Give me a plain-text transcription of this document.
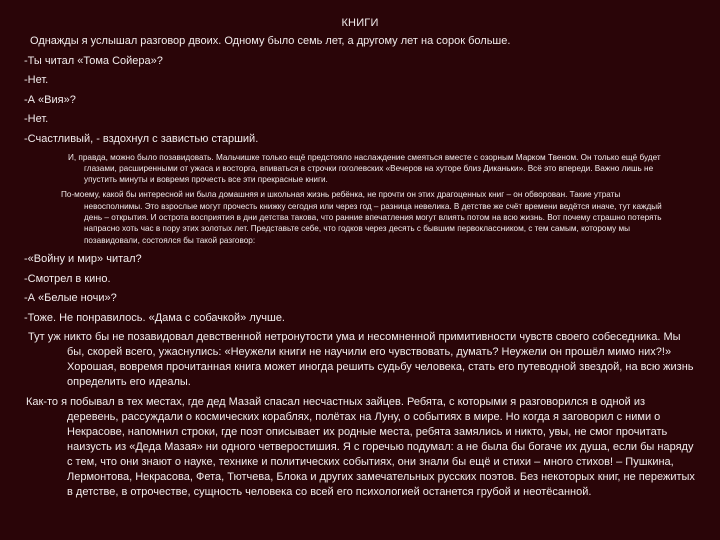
КНИГИ
Однажды я услышал разговор двоих. Одному было семь лет, а другому лет на сорок больше.
-Ты читал «Тома Сойера»?
-Нет.
-А «Вия»?
-Нет.
-Счастливый, - вздохнул с завистью старший.
И, правда, можно было позавидовать. Мальчишке только ещё предстояло наслаждение смеяться вместе с озорным Марком Твеном. Он только ещё будет глазами, расширенными от ужаса и восторга, впиваться в строчки гоголевских «Вечеров на хуторе близ Диканьки». Всё это впереди. Важно лишь не упустить минуты и вовремя прочесть все эти прекрасные книги.
По-моему, какой бы интересной ни была домашняя и школьная жизнь ребёнка, не прочти он этих драгоценных книг – он обворован. Такие утраты невосполнимы. Это взрослые могут прочесть книжку сегодня или через год – разница невелика. В детстве же счёт времени ведётся иначе, тут каждый день – открытия. И острота восприятия в дни детства такова, что ранние впечатления могут влиять потом на всю жизнь. Вот почему страшно потерять напрасно хоть час в пору этих золотых лет. Представьте себе, что годков через десять с бывшим первоклассником, с тем самым, которому мы позавидовали, состоялся бы такой разговор:
-«Войну и мир» читал?
-Смотрел в кино.
-А «Белые ночи»?
-Тоже. Не понравилось. «Дама с собачкой» лучше.
Тут уж никто бы не позавидовал девственной нетронутости ума и несомненной примитивности чувств своего собеседника. Мы бы, скорей всего, ужаснулись: «Неужели книги не научили его чувствовать, думать? Неужели он прошёл мимо них?!» Хорошая, вовремя прочитанная книга может иногда решить судьбу человека, стать его путеводной звездой, на всю жизнь определить его идеалы.
Как-то я побывал в тех местах, где дед Мазай спасал несчастных зайцев. Ребята, с которыми я разговорился в одной из деревень, рассуждали о космических кораблях, полётах на Луну, о событиях в мире. Но когда я заговорил с ними о Некрасове, напомнил строки, где поэт описывает их родные места, ребята замялись и никто, увы, не смог прочитать наизусть из «Деда Мазая» ни одного четверостишия. Я с горечью подумал: а не была бы богаче их душа, если бы наряду с тем, что они знают о науке, технике и политических событиях, они знали бы ещё и стихи – много стихов! – Пушкина, Лермонтова, Некрасова, Фета, Тютчева, Блока и других замечательных русских поэтов. Без некоторых книг, не пережитых в детстве, в отрочестве, сущность человека со всей его психологией останется грубой и неотёсанной.
